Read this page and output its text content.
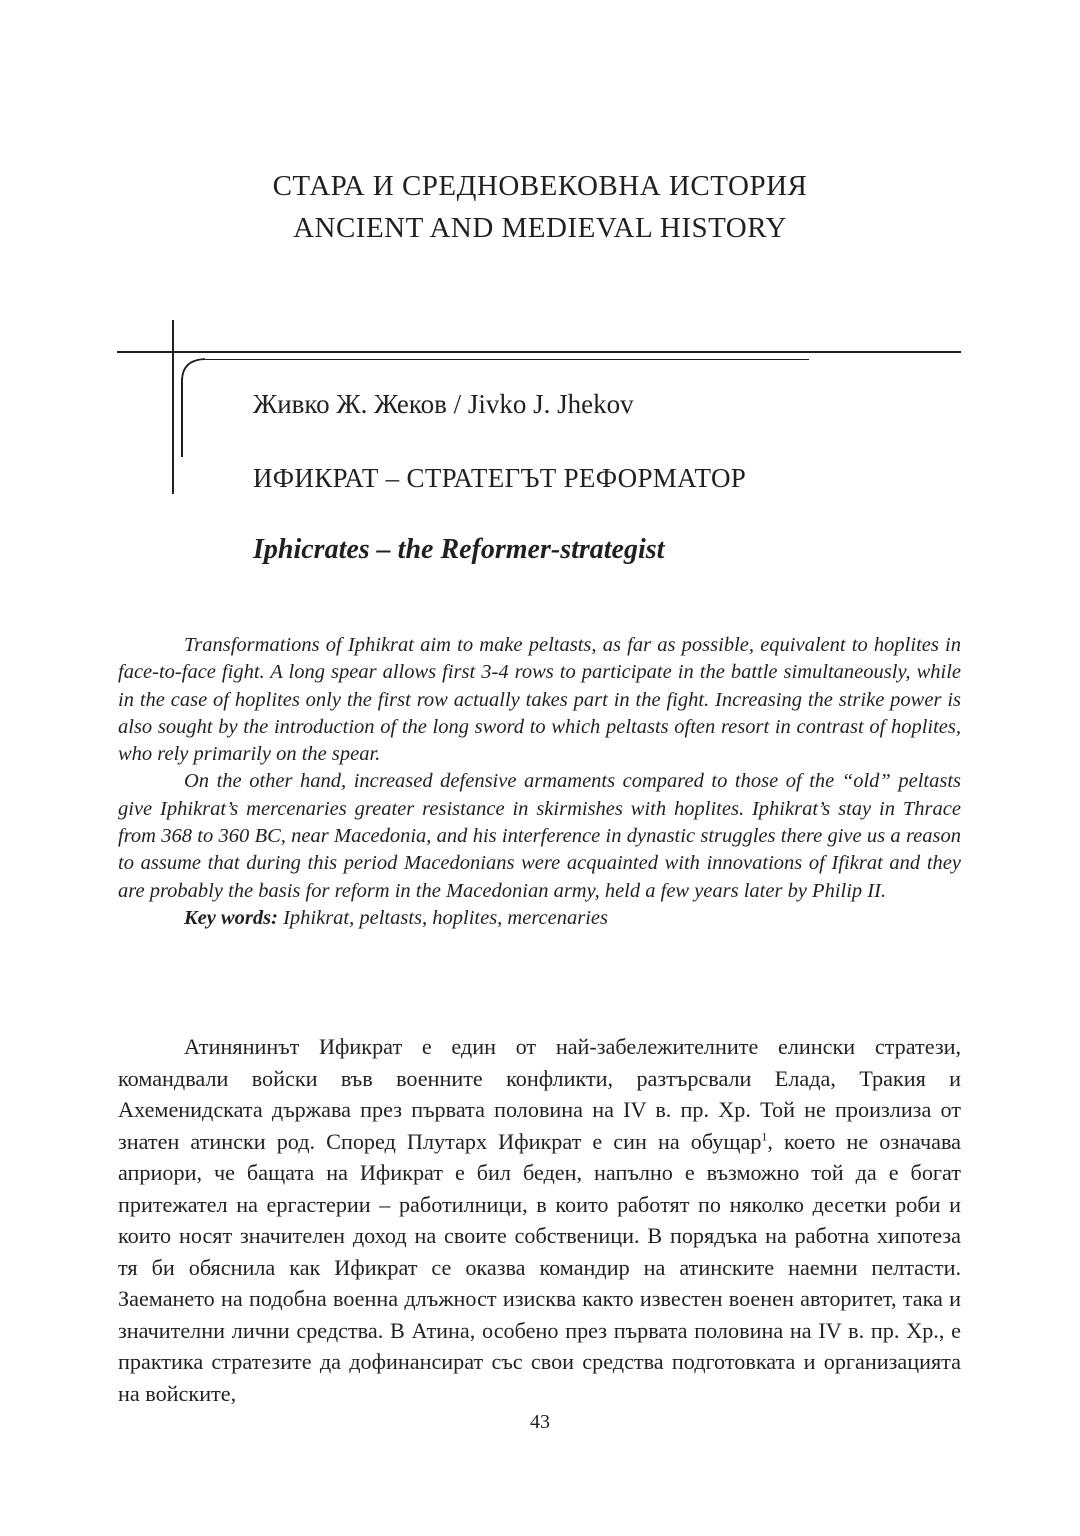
СТАРА И СРЕДНОВЕКОВНА ИСТОРИЯ
ANCIENT AND MEDIEVAL HISTORY
Живко Ж. Жеков / Jivko J. Jhekov
ИФИКРАТ – СТРАТЕГЪТ РЕФОРМАТОР
Iphicrates – the Reformer-strategist

Transformations of Iphikrat aim to make peltasts, as far as possible, equivalent to hoplites in face-to-face fight. A long spear allows first 3-4 rows to participate in the battle simultaneously, while in the case of hoplites only the first row actually takes part in the fight. Increasing the strike power is also sought by the introduction of the long sword to which peltasts often resort in contrast of hoplites, who rely primarily on the spear.

On the other hand, increased defensive armaments compared to those of the “old” peltasts give Iphikrat’s mercenaries greater resistance in skirmishes with hoplites. Iphikrat’s stay in Thrace from 368 to 360 BC, near Macedonia, and his interference in dynastic struggles there give us a reason to assume that during this period Macedonians were acquainted with innovations of Ifikrat and they are probably the basis for reform in the Macedonian army, held a few years later by Philip II.

Key words: Iphikrat, peltasts, hoplites, mercenaries

Атинянинът Ификрат е един от най-забележителните елински стратези, командвали войски във военните конфликти, разтърсвали Елада, Тракия и Ахеменидската държава през първата половина на IV в. пр. Хр. Той не произлиза от знатен атински род. Според Плутарх Ификрат е син на обущар$^1$, което не означава априори, че бащата на Ификрат е бил беден, напълно е възможно той да е богат притежател на ергастерии – работилници, в които работят по няколко десетки роби и които носят значителен доход на своите собственици. В порядъка на работна хипотеза тя би обяснила как Ификрат се оказва командир на атинските наемни пелтасти. Заемането на подобна военна длъжност изисква както известен военен авторитет, така и значителни лични средства. В Атина, особено през първата половина на IV в. пр. Хр., е практика стратезите да дофинансират със свои средства подготовката и организацията на войските,

43
